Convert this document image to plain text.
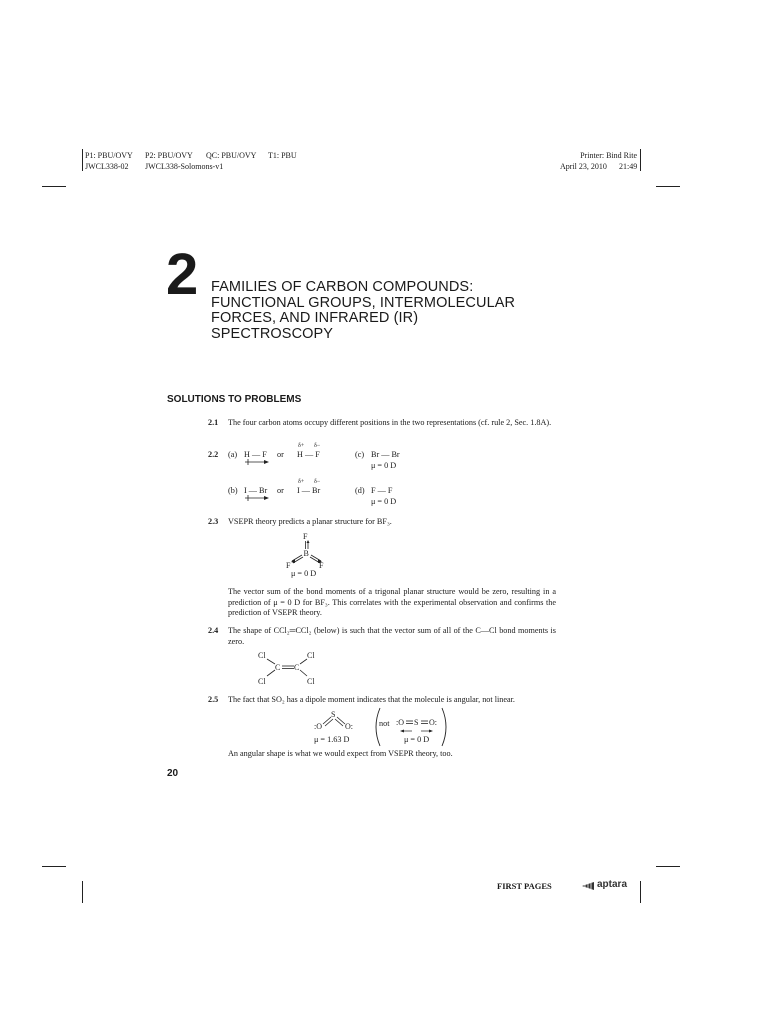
P1: PBU/OVY P2: PBU/OVY QC: PBU/OVY T1: PBU	Printer: Bind Rite
JWCL338-02 JWCL338-Solomons-v1	April 23, 2010 21:49
2 FAMILIES OF CARBON COMPOUNDS:
FUNCTIONAL GROUPS, INTERMOLECULAR
FORCES, AND INFRARED (IR)
SPECTROSCOPY
SOLUTIONS TO PROBLEMS
2.1 The four carbon atoms occupy different positions in the two representations (cf. rule 2, Sec. 1.8A).
2.2
δ+ δ−
(a) H — F or H — F	(c) Br — Br
μ = 0 D
δ+ δ−
(b) I — Br or I — Br	(d) F — F
μ = 0 D
2.3 VSEPR theory predicts a planar structure for BF₃.
F
B
F	F
μ = 0 D
The vector sum of the bond moments of a trigonal planar structure would be zero, resulting in a prediction of μ = 0 D for BF₃. This correlates with the experimental observation and confirms the prediction of VSEPR theory.
2.4 The shape of CCl₂═CCl₂ (below) is such that the vector sum of all of the C—Cl bond moments is zero.
Cl	Cl
C C
Cl	Cl
2.5 The fact that SO₂ has a dipole moment indicates that the molecule is angular, not linear.
S
:O	O:
μ = 1.63 D
:O S O:
not
μ = 0 D
An angular shape is what we would expect from VSEPR theory, too.
20
FIRST PAGES	aptara
